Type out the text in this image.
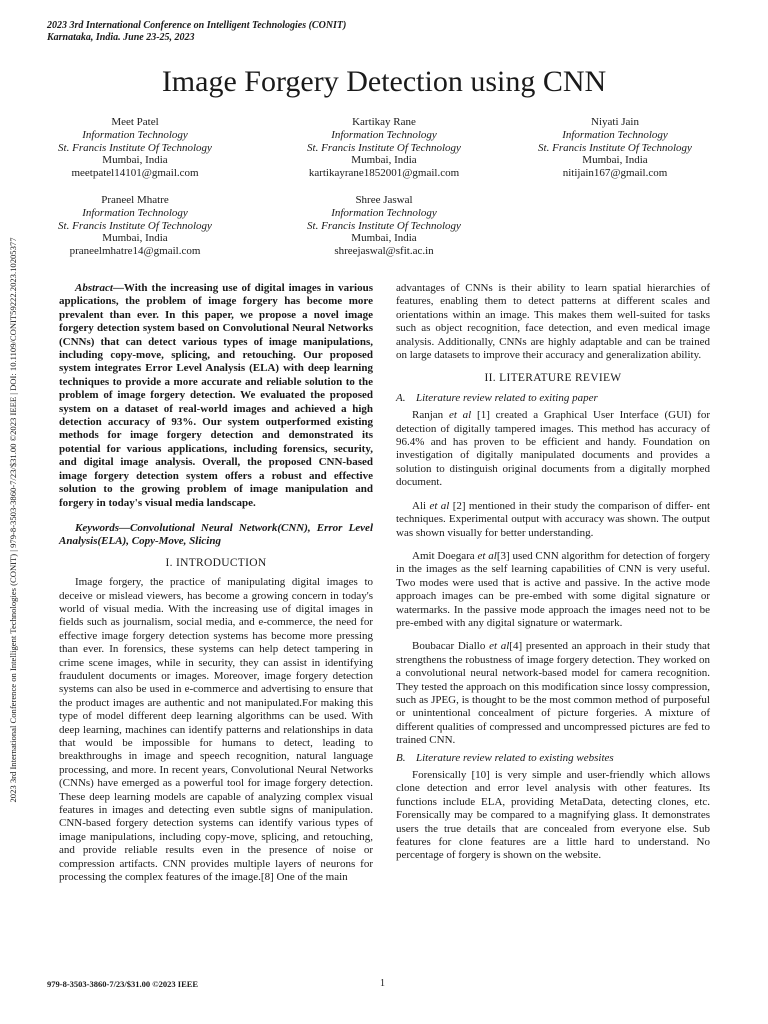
2023 3rd International Conference on Intelligent Technologies (CONIT)
Karnataka, India. June 23-25, 2023
2023 3rd International Conference on Intelligent Technologies (CONIT) | 979-8-3503-3860-7/23/$31.00 ©2023 IEEE | DOI: 10.1109/CONIT59222.2023.10205377
Image Forgery Detection using CNN
Meet Patel
Information Technology
St. Francis Institute Of Technology
Mumbai, India
meetpatel14101@gmail.com
Kartikay Rane
Information Technology
St. Francis Institute Of Technology
Mumbai, India
kartikayrane1852001@gmail.com
Niyati Jain
Information Technology
St. Francis Institute Of Technology
Mumbai, India
nitijain167@gmail.com
Praneel Mhatre
Information Technology
St. Francis Institute Of Technology
Mumbai, India
praneelmhatre14@gmail.com
Shree Jaswal
Information Technology
St. Francis Institute Of Technology
Mumbai, India
shreejaswal@sfit.ac.in

Abstract—With the increasing use of digital images in various applications, the problem of image forgery has become more prevalent than ever. In this paper, we propose a novel image forgery detection system based on Convolutional Neural Networks (CNNs) that can detect various types of image manipulations, including copy-move, splicing, and retouching. Our proposed system integrates Error Level Analysis (ELA) with deep learning techniques to provide a more accurate and reliable solution to the problem of image forgery detection. We evaluated the proposed system on a dataset of real-world images and achieved a high detection accuracy of 93%. Our system outperformed existing methods for image forgery detection and demonstrated its potential for various applications, including forensics, security, and digital image analysis. Overall, the proposed CNN-based image forgery detection system offers a robust and effective solution to the growing problem of image manipulation and forgery in today's visual media landscape.

Keywords—Convolutional Neural Network(CNN), Error Level Analysis(ELA), Copy-Move, Slicing

I. INTRODUCTION

Image forgery, the practice of manipulating digital images to deceive or mislead viewers, has become a growing concern in today's world of visual media. With the increasing use of digital images in fields such as journalism, social media, and e-commerce, the need for effective image forgery detection systems has become more pressing than ever. In forensics, these systems can help detect tampering in crime scene images, while in security, they can assist in identifying fraudulent documents or images. Moreover, image forgery detection systems can also be used in e-commerce and advertising to ensure that the product images are authentic and not manipulated.For making this type of model different deep learning algorithms can be used. With deep learning, machines can identify patterns and relationships in data that would be impossible for humans to detect, leading to breakthroughs in image and speech recognition, natural language processing, and more. In recent years, Convolutional Neural Networks (CNNs) have emerged as a powerful tool for image forgery detection. These deep learning models are capable of analyzing complex visual features in images and detecting even subtle signs of manipulation. CNN-based forgery detection systems can identify various types of image manipulations, including copy-move, splicing, and retouching, and provide reliable results even in the presence of noise or compression artifacts. CNN provides multiple layers of neurons for processing the complex features of the image.[8] One of the main

advantages of CNNs is their ability to learn spatial hierarchies of features, enabling them to detect patterns at different scales and orientations within an image. This makes them well-suited for tasks such as object recognition, face detection, and even medical image analysis. Additionally, CNNs are highly adaptable and can be trained on large datasets to improve their accuracy and generalization ability.

II. LITERATURE REVIEW
A. Literature review related to exiting paper

Ranjan et al [1] created a Graphical User Interface (GUI) for detection of digitally tampered images. This method has accuracy of 96.4% and has proven to be efficient and handy. Foundation on investigation of digitally manipulated documents and provides a solution to distinguish original documents from a digitally morphed document.

Ali et al [2] mentioned in their study the comparison of differ- ent techniques. Experimental output with accuracy was shown. The output was shown visually for better understanding.

Amit Doegara et al[3] used CNN algorithm for detection of forgery in the images as the self learning capabilities of CNN is very useful. Two modes were used that is active and passive. In the active mode approach images can be pre-embed with some digital signature or watermarks. In the passive mode approach the images need not to be pre-embed with any digital signature or watermark.

Boubacar Diallo et al[4] presented an approach in their study that strengthens the robustness of image forgery detection. They worked on a convolutional neural network-based model for camera recognition. They tested the approach on this modification since lossy compression, such as JPEG, is thought to be the most common method of purposeful or unintentional concealment of picture forgeries. A mixture of different qualities of compressed and uncompressed pictures are fed to trained CNN.

B. Literature review related to existing websites

Forensically [10] is very simple and user-friendly which allows clone detection and error level analysis with other features. Its functions include ELA, providing MetaData, detecting clones, etc. Forensically may be compared to a magnifying glass. It demonstrates users the true details that are concealed from everyone else. Sub features for clone features are a little hard to understand. No percentage of forgery is shown on the website.

979-8-3503-3860-7/23/$31.00 ©2023 IEEE	1
